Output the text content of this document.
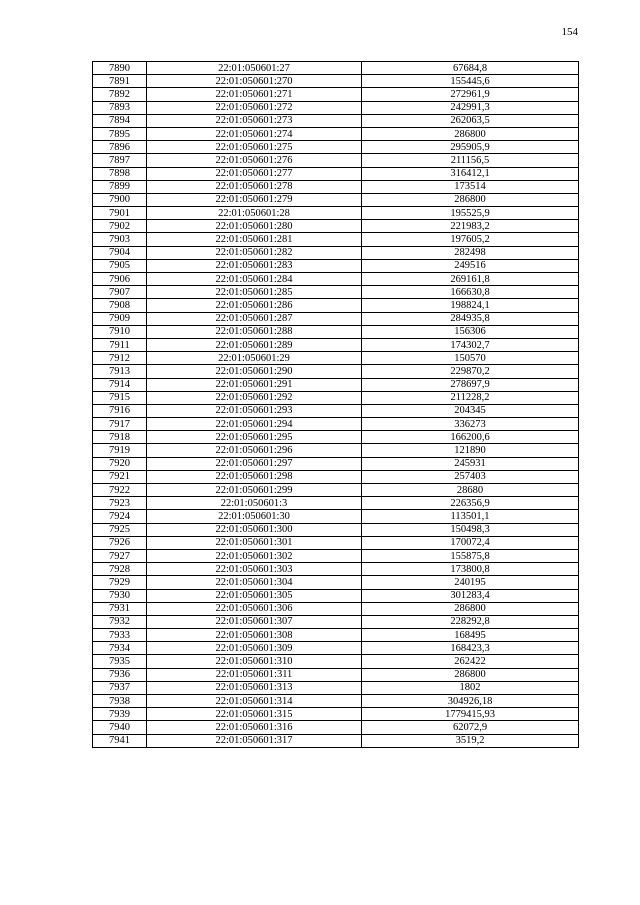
154
7890	22:01:050601:27	67684,8
7891	22:01:050601:270	155445,6
7892	22:01:050601:271	272961,9
7893	22:01:050601:272	242991,3
7894	22:01:050601:273	262063,5
7895	22:01:050601:274	286800
7896	22:01:050601:275	295905,9
7897	22:01:050601:276	211156,5
7898	22:01:050601:277	316412,1
7899	22:01:050601:278	173514
7900	22:01:050601:279	286800
7901	22:01:050601:28	195525,9
7902	22:01:050601:280	221983,2
7903	22:01:050601:281	197605,2
7904	22:01:050601:282	282498
7905	22:01:050601:283	249516
7906	22:01:050601:284	269161,8
7907	22:01:050601:285	166630,8
7908	22:01:050601:286	198824,1
7909	22:01:050601:287	284935,8
7910	22:01:050601:288	156306
7911	22:01:050601:289	174302,7
7912	22:01:050601:29	150570
7913	22:01:050601:290	229870,2
7914	22:01:050601:291	278697,9
7915	22:01:050601:292	211228,2
7916	22:01:050601:293	204345
7917	22:01:050601:294	336273
7918	22:01:050601:295	166200,6
7919	22:01:050601:296	121890
7920	22:01:050601:297	245931
7921	22:01:050601:298	257403
7922	22:01:050601:299	28680
7923	22:01:050601:3	226356,9
7924	22:01:050601:30	113501,1
7925	22:01:050601:300	150498,3
7926	22:01:050601:301	170072,4
7927	22:01:050601:302	155875,8
7928	22:01:050601:303	173800,8
7929	22:01:050601:304	240195
7930	22:01:050601:305	301283,4
7931	22:01:050601:306	286800
7932	22:01:050601:307	228292,8
7933	22:01:050601:308	168495
7934	22:01:050601:309	168423,3
7935	22:01:050601:310	262422
7936	22:01:050601:311	286800
7937	22:01:050601:313	1802
7938	22:01:050601:314	304926,18
7939	22:01:050601:315	1779415,93
7940	22:01:050601:316	62072,9
7941	22:01:050601:317	3519,2
